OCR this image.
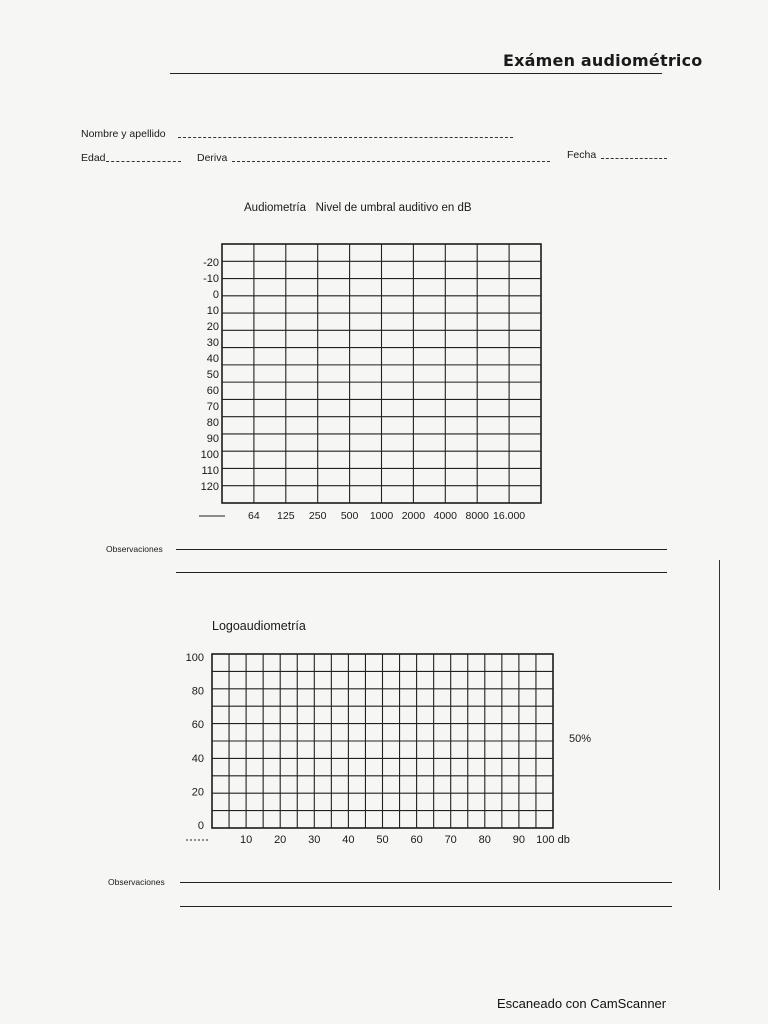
Exámen audiométrico
Nombre y apellido
Edad	Deriva	Fecha
Audiometría   Nivel de umbral auditivo en dB
-20
-10
0
10
20
30
40
50
60
70
80
90
100
110
120
64 125 250 500 1000 2000 4000 8000 16.000
Observaciones
Logoaudiometría
0
20
40
60
80
100
10 20 30 40 50 60 70 80 90 100 db
50%
Observaciones
Escaneado con CamScanner
